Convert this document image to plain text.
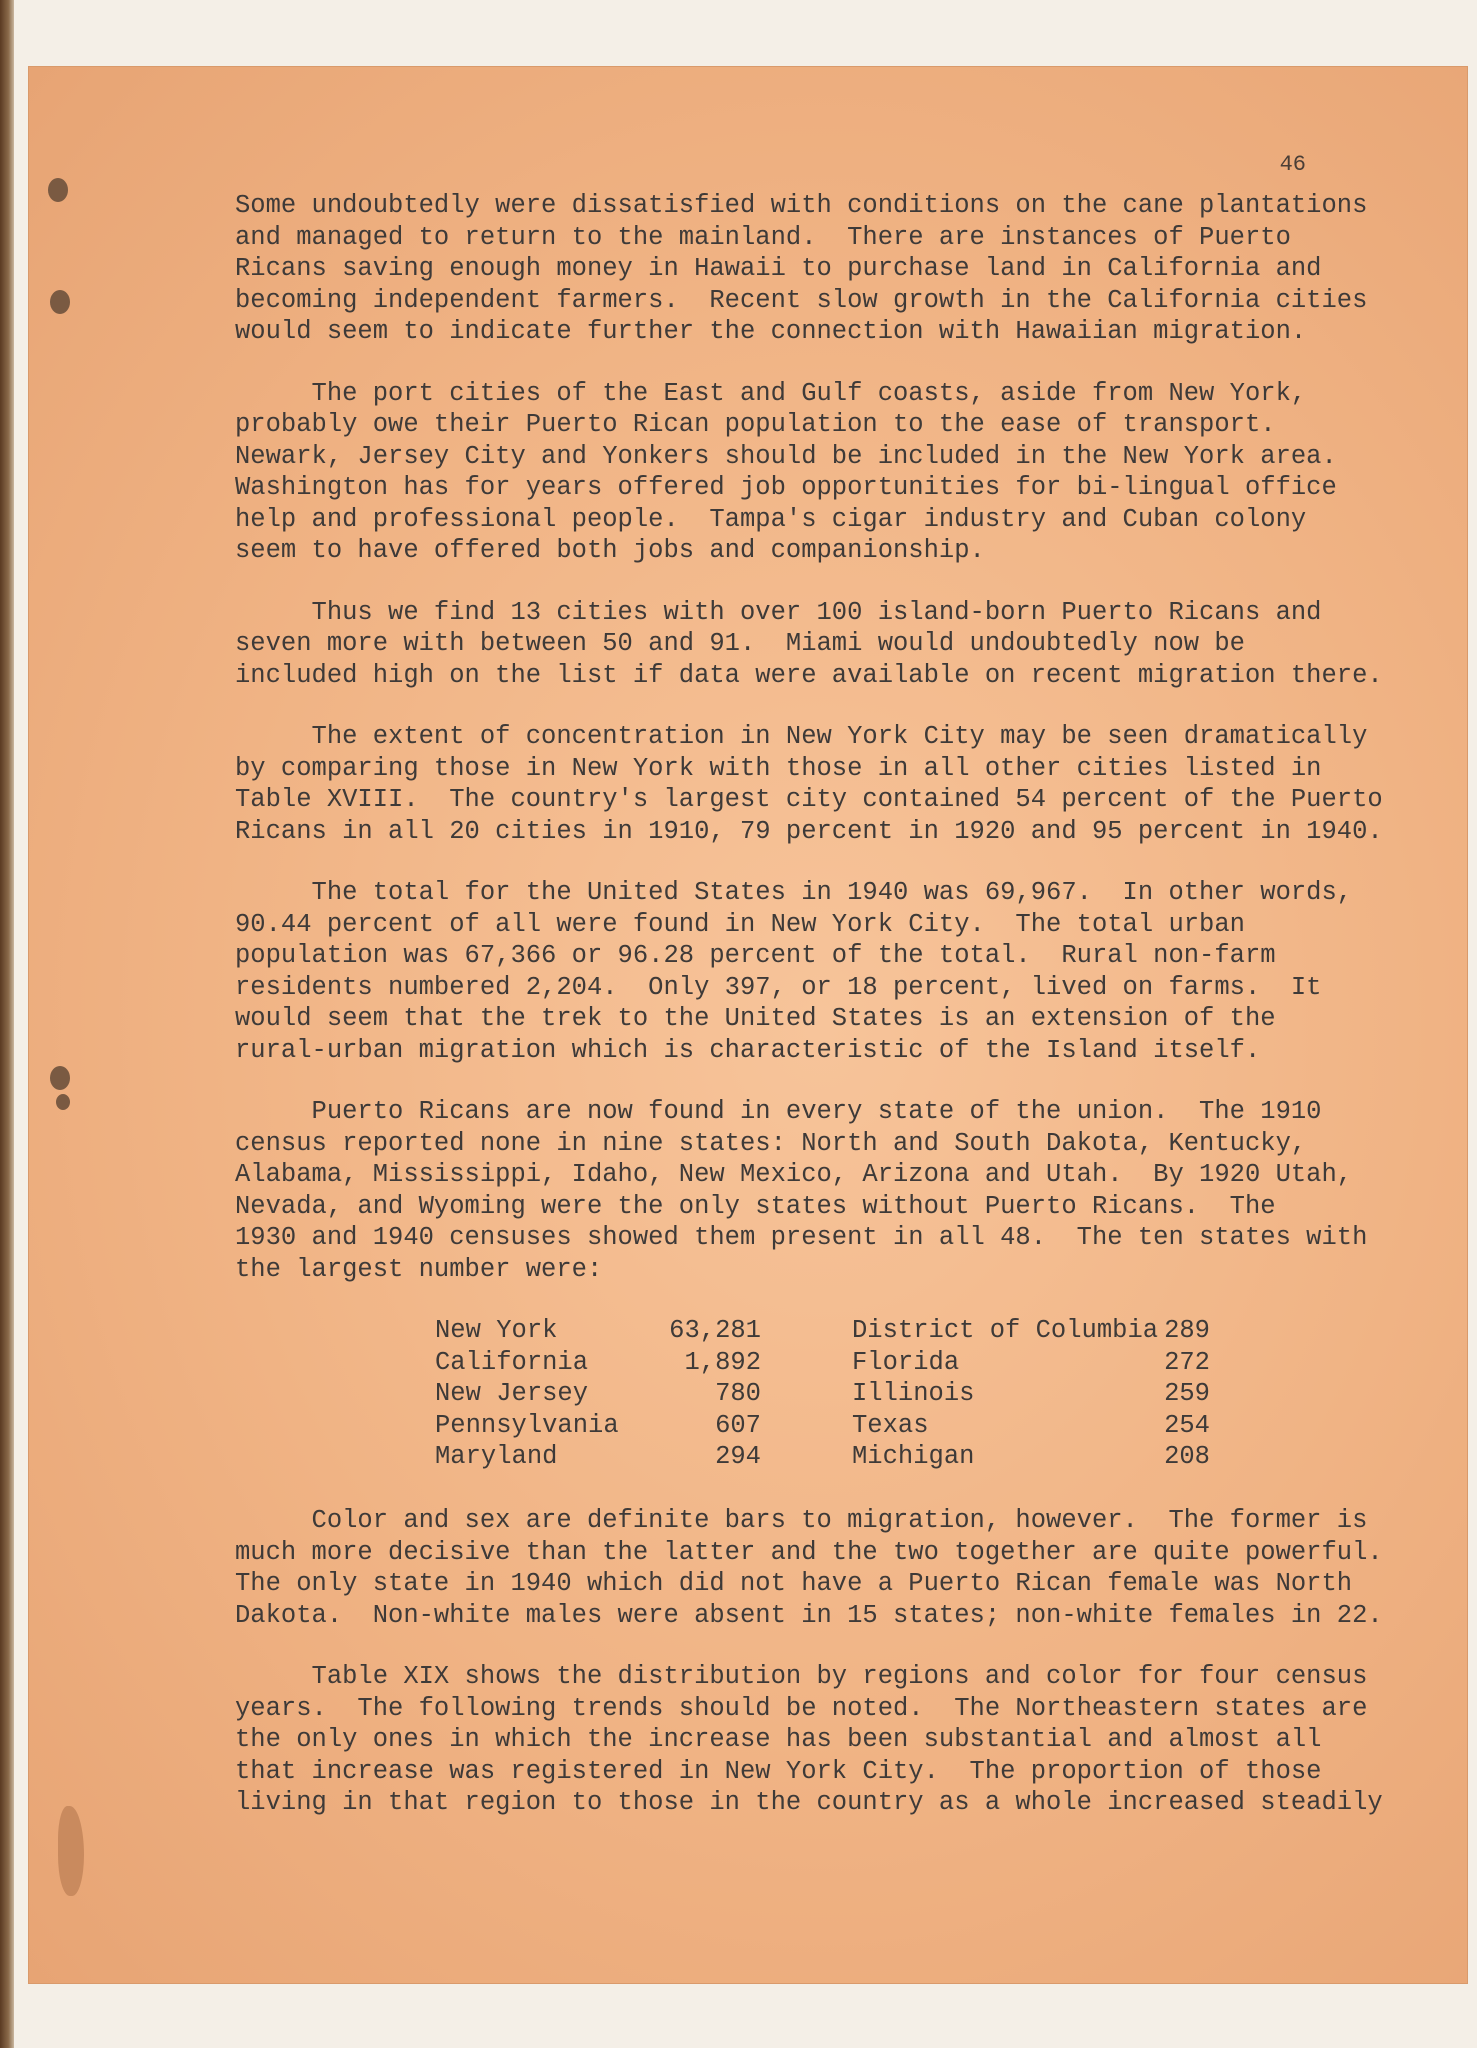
46
Some undoubtedly were dissatisfied with conditions on the cane plantations
and managed to return to the mainland.  There are instances of Puerto
Ricans saving enough money in Hawaii to purchase land in California and
becoming independent farmers.  Recent slow growth in the California cities
would seem to indicate further the connection with Hawaiian migration.
The port cities of the East and Gulf coasts, aside from New York,
probably owe their Puerto Rican population to the ease of transport.
Newark, Jersey City and Yonkers should be included in the New York area.
Washington has for years offered job opportunities for bi-lingual office
help and professional people.  Tampa's cigar industry and Cuban colony
seem to have offered both jobs and companionship.
Thus we find 13 cities with over 100 island-born Puerto Ricans and
seven more with between 50 and 91.  Miami would undoubtedly now be
included high on the list if data were available on recent migration there.
The extent of concentration in New York City may be seen dramatically
by comparing those in New York with those in all other cities listed in
Table XVIII.  The country's largest city contained 54 percent of the Puerto
Ricans in all 20 cities in 1910, 79 percent in 1920 and 95 percent in 1940.
The total for the United States in 1940 was 69,967.  In other words,
90.44 percent of all were found in New York City.  The total urban
population was 67,366 or 96.28 percent of the total.  Rural non-farm
residents numbered 2,204.  Only 397, or 18 percent, lived on farms.  It
would seem that the trek to the United States is an extension of the
rural-urban migration which is characteristic of the Island itself.
Puerto Ricans are now found in every state of the union.  The 1910
census reported none in nine states: North and South Dakota, Kentucky,
Alabama, Mississippi, Idaho, New Mexico, Arizona and Utah.  By 1920 Utah,
Nevada, and Wyoming were the only states without Puerto Ricans.  The
1930 and 1940 censuses showed them present in all 48.  The ten states with
the largest number were:
New York
California
New Jersey
Pennsylvania
Maryland
63,281
1,892
780
607
294
District of Columbia
Florida
Illinois
Texas
Michigan
289
272
259
254
208
Color and sex are definite bars to migration, however.  The former is
much more decisive than the latter and the two together are quite powerful.
The only state in 1940 which did not have a Puerto Rican female was North
Dakota.  Non-white males were absent in 15 states; non-white females in 22.
Table XIX shows the distribution by regions and color for four census
years.  The following trends should be noted.  The Northeastern states are
the only ones in which the increase has been substantial and almost all
that increase was registered in New York City.  The proportion of those
living in that region to those in the country as a whole increased steadily
